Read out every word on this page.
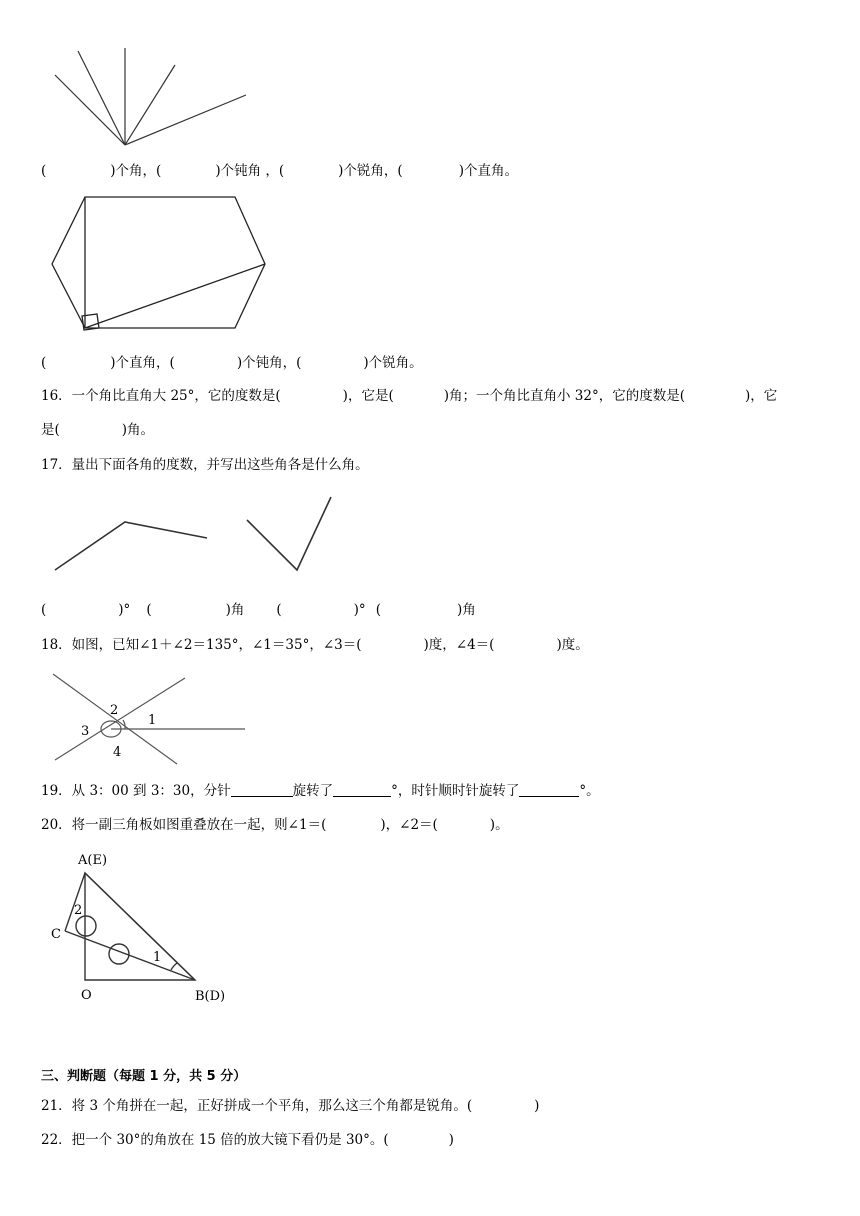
(	)个角，(	)个钝角 ，(	)个锐角，(	)个直角。
(	)个直角，(	)个钝角，(	)个锐角。
16．一个角比直角大 25°，它的度数是(	)，它是(	)角；一个角比直角小 32°，它的度数是(	)，它
是(	)角。
17．量出下面各角的度数，并写出这些角各是什么角。
(	)° (	)角 (	)° (	)角
18．如图，已知∠1＋∠2＝135°，∠1＝35°，∠3＝(	)度，∠4＝(	)度。
2
1
3
4
19．从 3：00 到 3：30，分针	旋转了	°，时针顺时针旋转了	°。
20．将一副三角板如图重叠放在一起，则∠1＝(	)，∠2＝(	)。
A(E)
C
2
1
O	B(D)
三、判断题（每题 1 分，共 5 分）
21．将 3 个角拼在一起，正好拼成一个平角，那么这三个角都是锐角。(	)
22．把一个 30°的角放在 15 倍的放大镜下看仍是 30°。(	)
